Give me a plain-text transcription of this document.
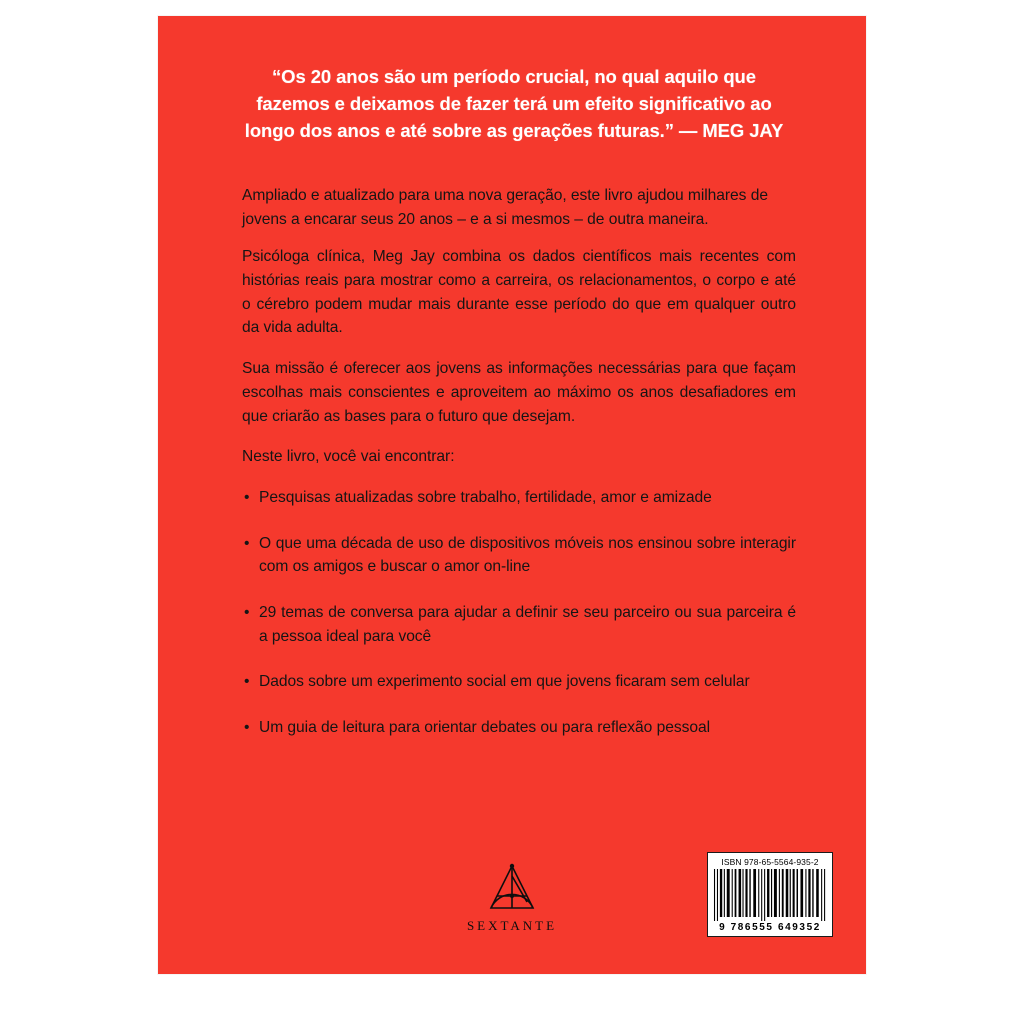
“Os 20 anos são um período crucial, no qual aquilo que fazemos e deixamos de fazer terá um efeito significativo ao longo dos anos e até sobre as gerações futuras.” — MEG JAY

Ampliado e atualizado para uma nova geração, este livro ajudou milhares de jovens a encarar seus 20 anos – e a si mesmos – de outra maneira.

Psicóloga clínica, Meg Jay combina os dados científicos mais recentes com histórias reais para mostrar como a carreira, os relacionamentos, o corpo e até o cérebro podem mudar mais durante esse período do que em qualquer outro da vida adulta.

Sua missão é oferecer aos jovens as informações necessárias para que façam escolhas mais conscientes e aproveitem ao máximo os anos desafiadores em que criarão as bases para o futuro que desejam.

Neste livro, você vai encontrar:

• Pesquisas atualizadas sobre trabalho, fertilidade, amor e amizade
• O que uma década de uso de dispositivos móveis nos ensinou sobre interagir com os amigos e buscar o amor on-line
• 29 temas de conversa para ajudar a definir se seu parceiro ou sua parceira é a pessoa ideal para você
• Dados sobre um experimento social em que jovens ficaram sem celular
• Um guia de leitura para orientar debates ou para reflexão pessoal
SEXTANTE
ISBN 978-65-5564-935-2
9 786555 649352
